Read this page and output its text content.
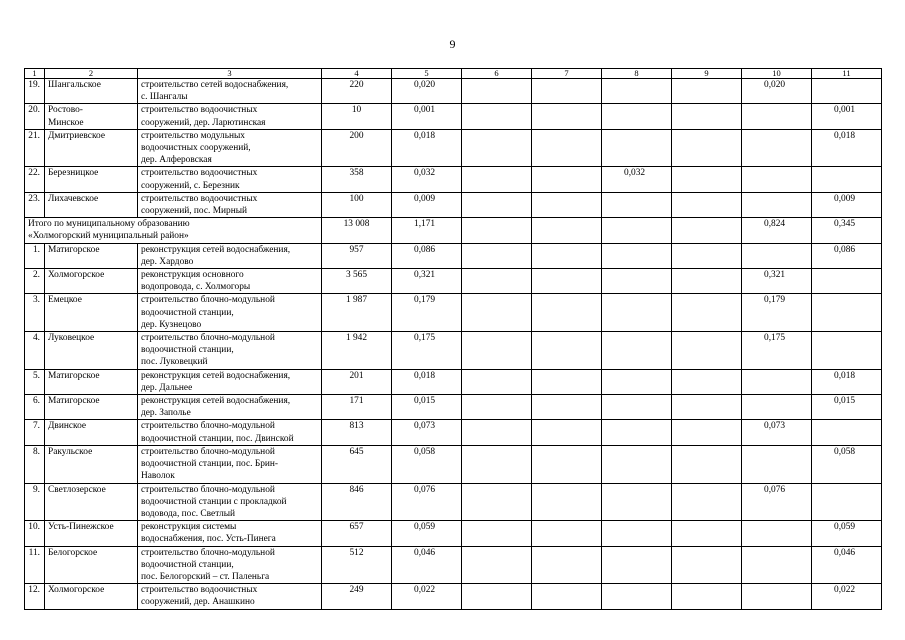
9
1	2	3	4	5	6	7	8	9	10	11
19.	Шангальское	строительство сетей водоснабжения,
с. Шангалы	220	0,020					0,020	
20.	Ростово-
Минское	строительство водоочистных
сооружений, дер. Ларютинская	10	0,001						0,001
21.	Дмитриевское	строительство модульных
водоочистных сооружений,
дер. Алферовская	200	0,018						0,018
22.	Березницкое	строительство водоочистных
сооружений, с. Березник	358	0,032			0,032			
23.	Лихачевское	строительство водоочистных
сооружений, пос. Мирный	100	0,009						0,009
Итого по муниципальному образованию
«Холмогорский муниципальный район»			13 008	1,171					0,824	0,345
1.	Матигорское	реконструкция сетей водоснабжения,
дер. Хардово	957	0,086						0,086
2.	Холмогорское	реконструкция основного
водопровода, с. Холмогоры	3 565	0,321					0,321	
3.	Емецкое	строительство блочно-модульной
водоочистной станции,
дер. Кузнецово	1 987	0,179					0,179	
4.	Луковецкое	строительство блочно-модульной
водоочистной станции,
пос. Луковецкий	1 942	0,175					0,175	
5.	Матигорское	реконструкция сетей водоснабжения,
дер. Дальнее	201	0,018						0,018
6.	Матигорское	реконструкция сетей водоснабжения,
дер. Заполье	171	0,015						0,015
7.	Двинское	строительство блочно-модульной
водоочистной станции, пос. Двинской	813	0,073					0,073	
8.	Ракульское	строительство блочно-модульной
водоочистной станции, пос. Брин-
Наволок	645	0,058						0,058
9.	Светлозерское	строительство блочно-модульной
водоочистной станции с прокладкой
водовода, пос. Светлый	846	0,076					0,076	
10.	Усть-Пинежское	реконструкция системы
водоснабжения, пос. Усть-Пинега	657	0,059						0,059
11.	Белогорское	строительство блочно-модульной
водоочистной станции,
пос. Белогорский – ст. Паленьга	512	0,046						0,046
12.	Холмогорское	строительство водоочистных
сооружений, дер. Анашкино	249	0,022						0,022
